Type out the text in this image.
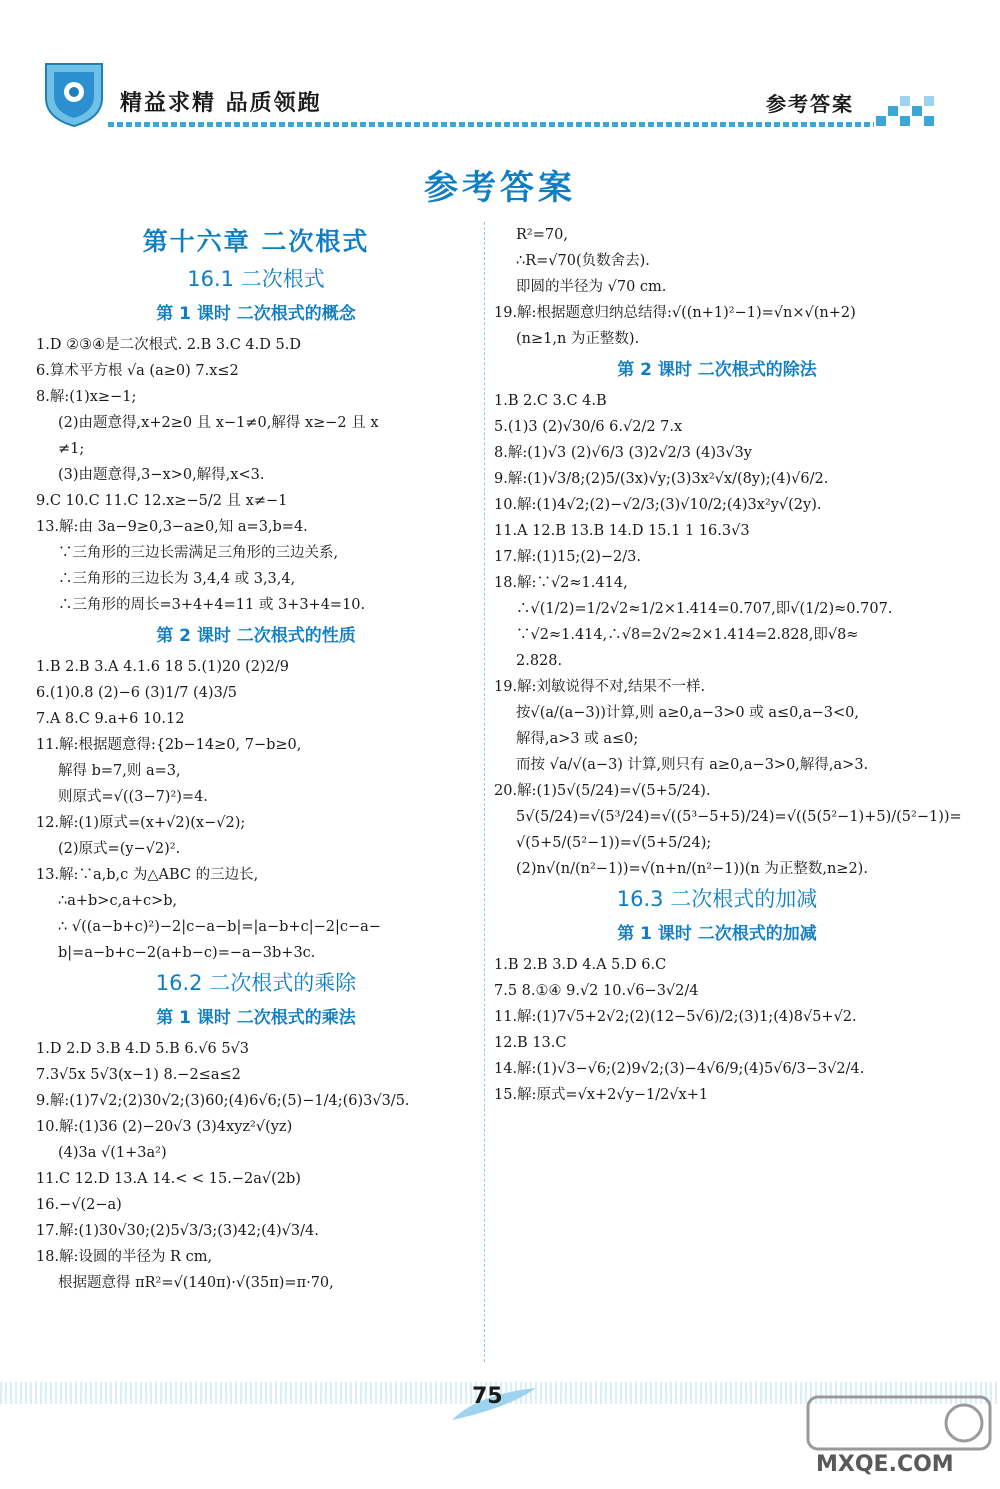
精益求精 品质领跑	参考答案
参考答案
第十六章 二次根式
16.1 二次根式
第 1 课时 二次根式的概念
1.D ②③④是二次根式. 2.B 3.C 4.D 5.D
6.算术平方根 √a (a≥0) 7.x≤2
8.解:(1)x≥−1;
(2)由题意得,x+2≥0 且 x−1≠0,解得 x≥−2 且 x
≠1;
(3)由题意得,3−x>0,解得,x<3.
9.C 10.C 11.C 12.x≥−5/2 且 x≠−1
13.解:由 3a−9≥0,3−a≥0,知 a=3,b=4.
∵三角形的三边长需满足三角形的三边关系,
∴三角形的三边长为 3,4,4 或 3,3,4,
∴三角形的周长=3+4+4=11 或 3+3+4=10.
第 2 课时 二次根式的性质
1.B 2.B 3.A 4.1.6 18 5.(1)20 (2)2/9
6.(1)0.8 (2)−6 (3)1/7 (4)3/5
7.A 8.C 9.a+6 10.12
11.解:根据题意得:{2b−14≥0, 7−b≥0,
解得 b=7,则 a=3,
则原式=√((3−7)²)=4.
12.解:(1)原式=(x+√2)(x−√2);
(2)原式=(y−√2)².
13.解:∵a,b,c 为△ABC 的三边长,
∴a+b>c,a+c>b,
∴ √((a−b+c)²)−2|c−a−b|=|a−b+c|−2|c−a−
b|=a−b+c−2(a+b−c)=−a−3b+3c.
16.2 二次根式的乘除
第 1 课时 二次根式的乘法
1.D 2.D 3.B 4.D 5.B 6.√6 5√3
7.3√5x 5√3(x−1) 8.−2≤a≤2
9.解:(1)7√2;(2)30√2;(3)60;(4)6√6;(5)−1/4;(6)3√3/5.
10.解:(1)36 (2)−20√3 (3)4xyz²√(yz)
(4)3a √(1+3a²)
11.C 12.D 13.A 14.< < 15.−2a√(2b)
16.−√(2−a)
17.解:(1)30√30;(2)5√3/3;(3)42;(4)√3/4.
18.解:设圆的半径为 R cm,
根据题意得 πR²=√(140π)·√(35π)=π·70,
R²=70,
∴R=√70(负数舍去).
即圆的半径为 √70 cm.
19.解:根据题意归纳总结得:√((n+1)²−1)=√n×√(n+2)
(n≥1,n 为正整数).
第 2 课时 二次根式的除法
1.B 2.C 3.C 4.B
5.(1)3 (2)√30/6 6.√2/2 7.x
8.解:(1)√3 (2)√6/3 (3)2√2/3 (4)3√3y
9.解:(1)√3/8;(2)5/(3x)√y;(3)3x²√x/(8y);(4)√6/2.
10.解:(1)4√2;(2)−√2/3;(3)√10/2;(4)3x²y√(2y).
11.A 12.B 13.B 14.D 15.1 1 16.3√3
17.解:(1)15;(2)−2/3.
18.解:∵√2≈1.414,
∴√(1/2)=1/2√2≈1/2×1.414=0.707,即√(1/2)≈0.707.
∵√2≈1.414,∴√8=2√2≈2×1.414=2.828,即√8≈
2.828.
19.解:刘敏说得不对,结果不一样.
按√(a/(a−3))计算,则 a≥0,a−3>0 或 a≤0,a−3<0,
解得,a>3 或 a≤0;
而按 √a/√(a−3) 计算,则只有 a≥0,a−3>0,解得,a>3.
20.解:(1)5√(5/24)=√(5+5/24).
5√(5/24)=√(5³/24)=√((5³−5+5)/24)=√((5(5²−1)+5)/(5²−1))=
√(5+5/(5²−1))=√(5+5/24);
(2)n√(n/(n²−1))=√(n+n/(n²−1))(n 为正整数,n≥2).
16.3 二次根式的加减
第 1 课时 二次根式的加减
1.B 2.B 3.D 4.A 5.D 6.C
7.5 8.①④ 9.√2 10.√6−3√2/4
11.解:(1)7√5+2√2;(2)(12−5√6)/2;(3)1;(4)8√5+√2.
12.B 13.C
14.解:(1)√3−√6;(2)9√2;(3)−4√6/9;(4)5√6/3−3√2/4.
15.解:原式=√x+2√y−1/2√x+1
75
MXQE.COM
